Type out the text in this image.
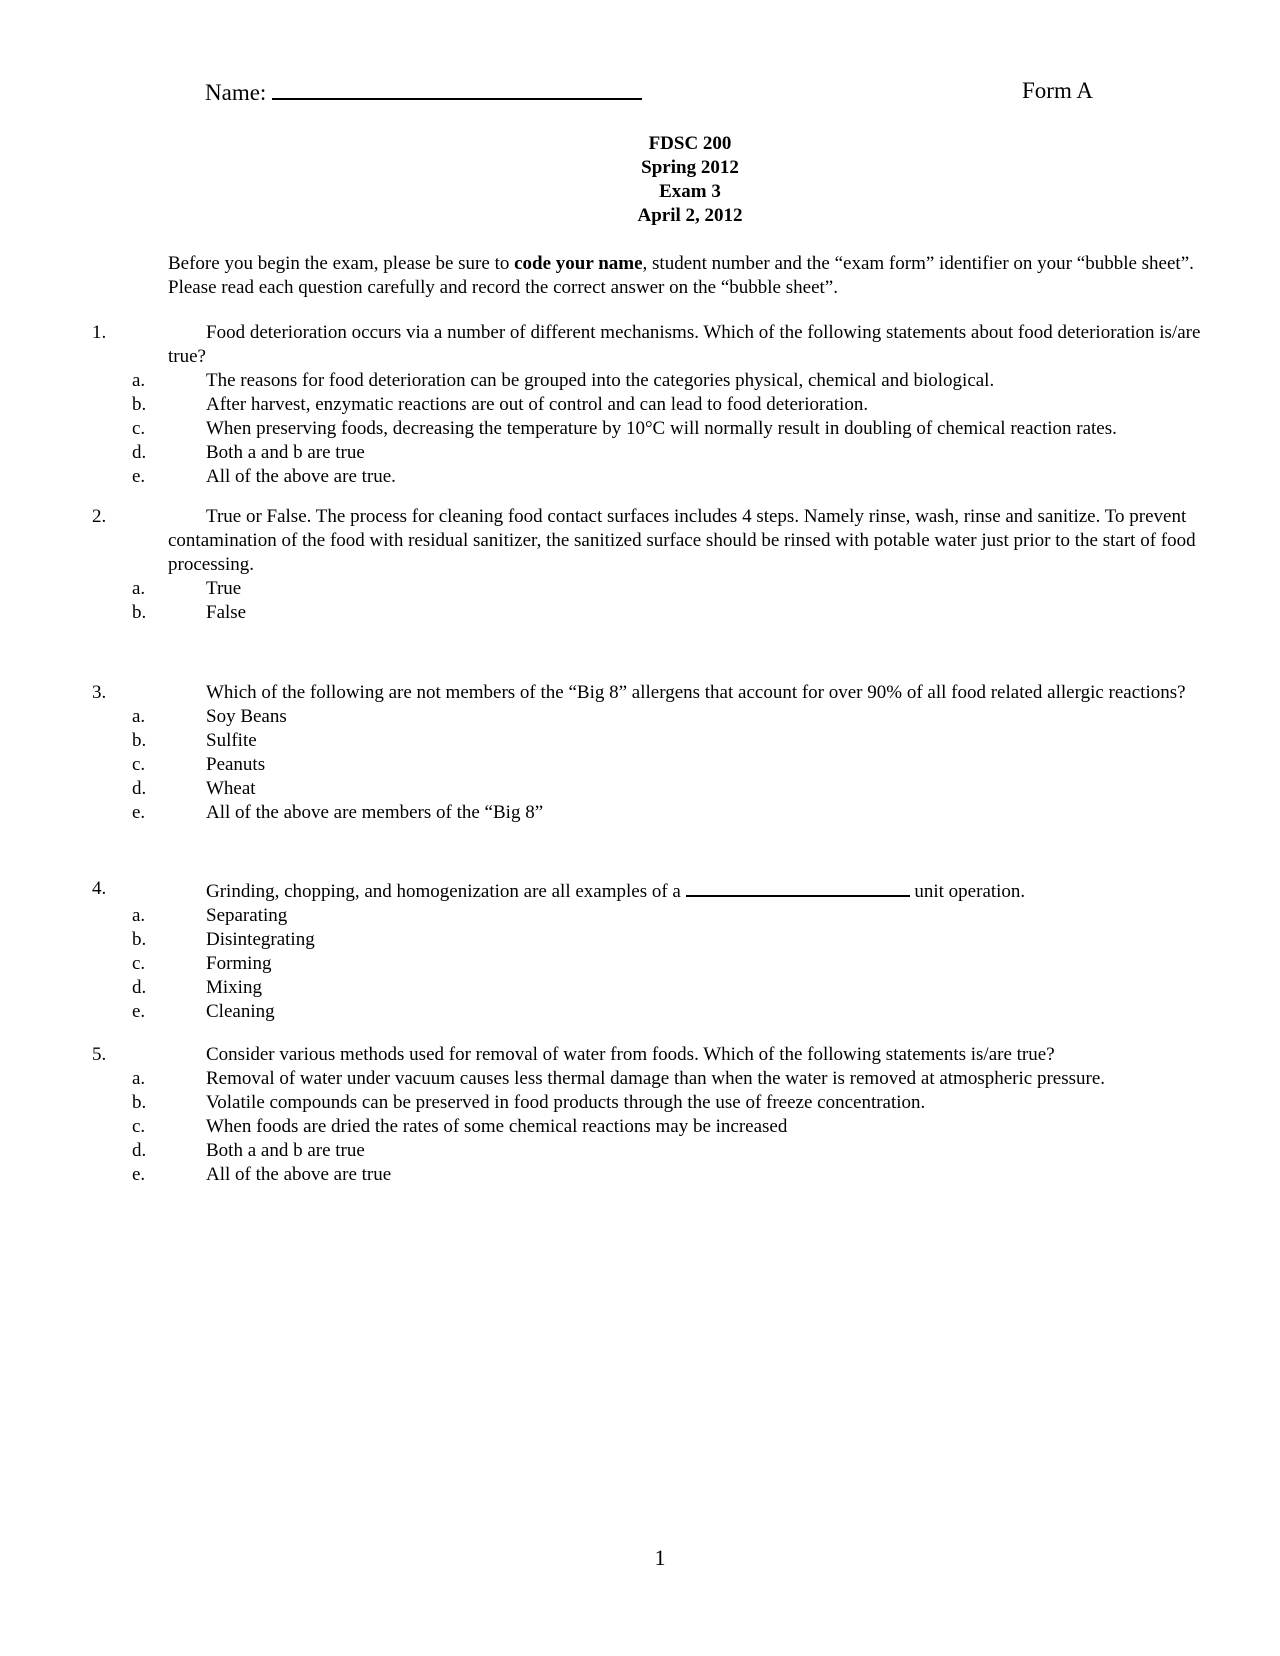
Name:	Form A
FDSC 200
Spring 2012
Exam 3
April 2, 2012
Before you begin the exam, please be sure to code your name, student number and the “exam form” identifier on your “bubble sheet”. Please read each question carefully and record the correct answer on the “bubble sheet”.
1.	Food deterioration occurs via a number of different mechanisms. Which of the following statements about food deterioration is/are true?
a.	The reasons for food deterioration can be grouped into the categories physical, chemical and biological.
b.	After harvest, enzymatic reactions are out of control and can lead to food deterioration.
c.	When preserving foods, decreasing the temperature by 10°C will normally result in doubling of chemical reaction rates.
d.	Both a and b are true
e.	All of the above are true.
2.	True or False. The process for cleaning food contact surfaces includes 4 steps. Namely rinse, wash, rinse and sanitize. To prevent contamination of the food with residual sanitizer, the sanitized surface should be rinsed with potable water just prior to the start of food processing.
a.	True
b.	False
3.	Which of the following are not members of the “Big 8” allergens that account for over 90% of all food related allergic reactions?
a.	Soy Beans
b.	Sulfite
c.	Peanuts
d.	Wheat
e.	All of the above are members of the “Big 8”
4.	Grinding, chopping, and homogenization are all examples of a	unit operation.
a.	Separating
b.	Disintegrating
c.	Forming
d.	Mixing
e.	Cleaning
5.	Consider various methods used for removal of water from foods. Which of the following statements is/are true?
a.	Removal of water under vacuum causes less thermal damage than when the water is removed at atmospheric pressure.
b.	Volatile compounds can be preserved in food products through the use of freeze concentration.
c.	When foods are dried the rates of some chemical reactions may be increased
d.	Both a and b are true
e.	All of the above are true
1
